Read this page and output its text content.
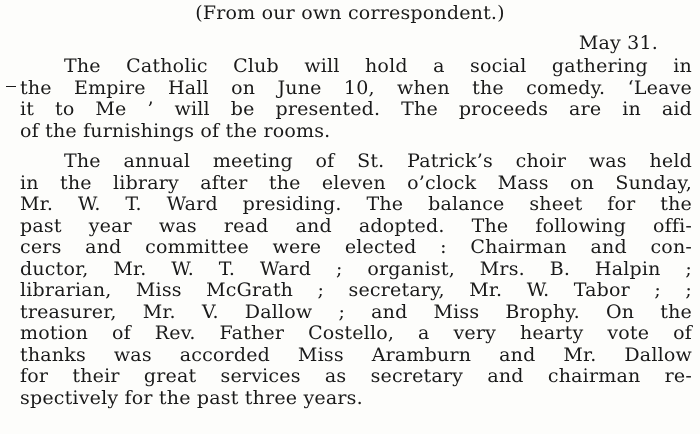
(From our own correspondent.)
May 31.
The Catholic Club will hold a social gathering in
the Empire Hall on June 10, when the comedy. ‘Leave
it to Me ’ will be presented. The proceeds are in aid
of the furnishings of the rooms.
The annual meeting of St. Patrick’s choir was held
in the library after the eleven o’clock Mass on Sunday,
Mr. W. T. Ward presiding. The balance sheet for the
past year was read and adopted. The following offi-
cers and committee were elected : Chairman and con-
ductor, Mr. W. T. Ward ; organist, Mrs. B. Halpin ;
librarian, Miss McGrath ; secretary, Mr. W. Tabor ; ;
treasurer, Mr. V. Dallow ; and Miss Brophy. On the
motion of Rev. Father Costello, a very hearty vote of
thanks was accorded Miss Aramburn and Mr. Dallow
for their great services as secretary and chairman re-
spectively for the past three years.
